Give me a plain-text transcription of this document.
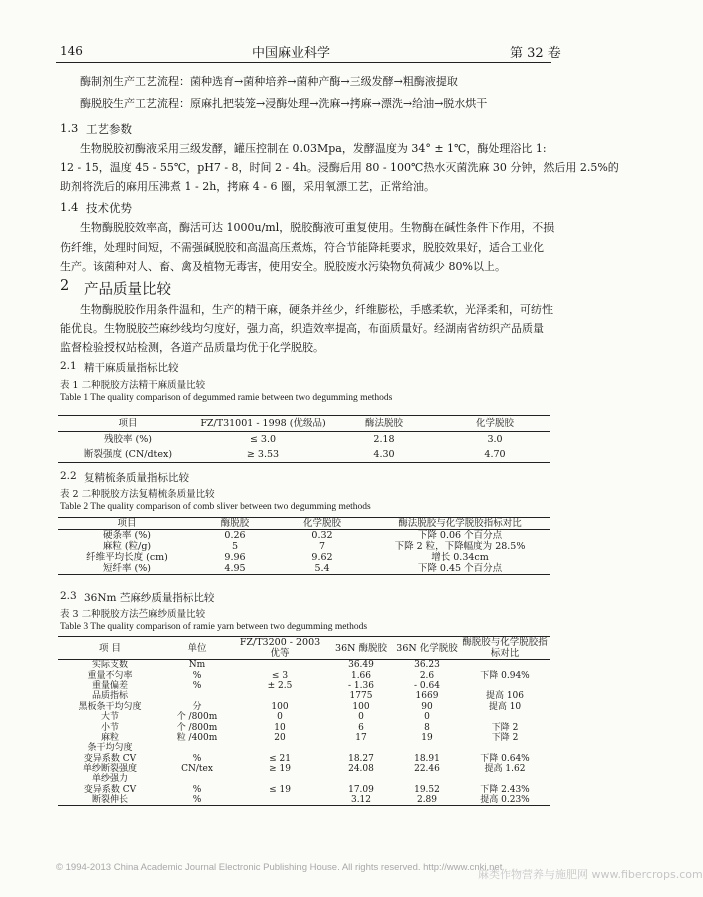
146	中国麻业科学	第 32 卷
酶制剂生产工艺流程：菌种选育→菌种培养→菌种产酶→三级发酵→粗酶液提取
酶脱胶生产工艺流程：原麻扎把装笼→浸酶处理→洗麻→拷麻→漂洗→给油→脱水烘干
1.3 工艺参数
生物脱胶初酶液采用三级发酵，罐压控制在 0.03Mpa，发酵温度为 34° ± 1℃，酶处理浴比 1:
12 - 15，温度 45 - 55℃，pH7 - 8，时间 2 - 4h。浸酶后用 80 - 100℃热水灭菌洗麻 30 分钟，然后用 2.5%的
助剂将洗后的麻用压沸煮 1 - 2h，拷麻 4 - 6 圈，采用氧漂工艺，正常给油。
1.4 技术优势
生物酶脱胶效率高，酶活可达 1000u/ml，脱胶酶液可重复使用。生物酶在碱性条件下作用，不损
伤纤维，处理时间短，不需强碱脱胶和高温高压煮炼，符合节能降耗要求，脱胶效果好，适合工业化
生产。该菌种对人、畜、禽及植物无毒害，使用安全。脱胶废水污染物负荷减少 80%以上。
2 产品质量比较
生物酶脱胶作用条件温和，生产的精干麻，硬条并丝少，纤维膨松，手感柔软，光泽柔和，可纺性
能优良。生物脱胶苎麻纱线均匀度好，强力高，织造效率提高，布面质量好。经湖南省纺织产品质量
监督检验授权站检测，各道产品质量均优于化学脱胶。
2.1 精干麻质量指标比较
表 1 二种脱胶方法精干麻质量比较
Table 1 The quality comparison of degummed ramie between two degumming methods
项目	FZ/T31001 - 1998 (优级品)	酶法脱胶	化学脱胶
残胶率 (%)	≤ 3.0	2.18	3.0
断裂强度 (CN/dtex)	≥ 3.53	4.30	4.70
2.2 复精梳条质量指标比较
表 2 二种脱胶方法复精梳条质量比较
Table 2 The quality comparison of comb sliver between two degumming methods
项目	酶脱胶	化学脱胶	酶法脱胶与化学脱胶指标对比
硬条率 (%)	0.26	0.32	下降 0.06 个百分点
麻粒 (粒/g)	5	7	下降 2 粒，下降幅度为 28.5%
纤维平均长度 (cm)	9.96	9.62	增长 0.34cm
短纤率 (%)	4.95	5.4	下降 0.45 个百分点
2.3 36Nm 苎麻纱质量指标比较
表 3 二种脱胶方法苎麻纱质量比较
Table 3 The quality comparison of ramie yarn between two degumming methods
项 目	单位	FZ/T3200 - 2003 优等	36N 酶脱胶	36N 化学脱胶	酶脱胶与化学脱胶指标对比
实际支数	Nm		36.49	36.23	
重量不匀率	%	≤ 3	1.66	2.6	下降 0.94%
重量偏差	%	± 2.5	- 1.36	- 0.64	
品质指标			1775	1669	提高 106
黑板条干均匀度	分	100	100	90	提高 10
大节	个 /800m	0	0	0	
小节	个 /800m	10	6	8	下降 2
麻粒	粒 /400m	20	17	19	下降 2
条干均匀度					
变异系数 CV	%	≤ 21	18.27	18.91	下降 0.64%
单纱断裂强度	CN/tex	≥ 19	24.08	22.46	提高 1.62
单纱强力					
变异系数 CV	%	≤ 19	17.09	19.52	下降 2.43%
断裂伸长	%		3.12	2.89	提高 0.23%
© 1994-2013 China Academic Journal Electronic Publishing House. All rights reserved. http://www.cnki.net
麻类作物营养与施肥网 www.fibercrops.com
